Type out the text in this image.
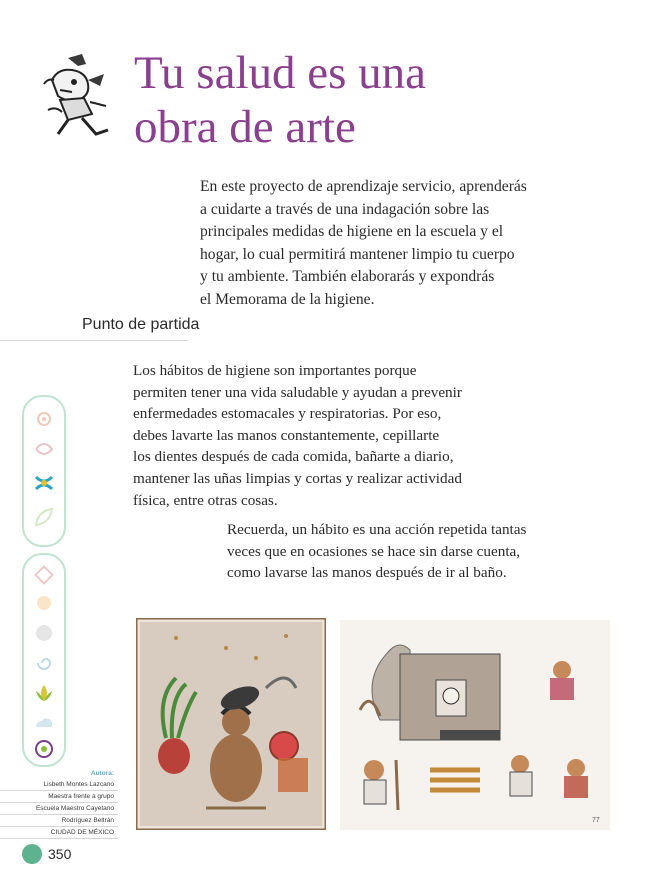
Tu salud es una
obra de arte

En este proyecto de aprendizaje servicio, aprenderás
a cuidarte a través de una indagación sobre las
principales medidas de higiene en la escuela y el
hogar, lo cual permitirá mantener limpio tu cuerpo
y tu ambiente. También elaborarás y expondrás
el Memorama de la higiene.

Punto de partida

Los hábitos de higiene son importantes porque
permiten tener una vida saludable y ayudan a prevenir
enfermedades estomacales y respiratorias. Por eso,
debes lavarte las manos constantemente, cepillarte
los dientes después de cada comida, bañarte a diario,
mantener las uñas limpias y cortas y realizar actividad
física, entre otras cosas.

Recuerda, un hábito es una acción repetida tantas
veces que en ocasiones se hace sin darse cuenta,
como lavarse las manos después de ir al baño.

Autora:
Lisbeth Montes Lazcano
Maestra frente a grupo
Escuela Maestro Cayetano
Rodríguez Beltrán
CIUDAD DE MÉXICO
350
77
